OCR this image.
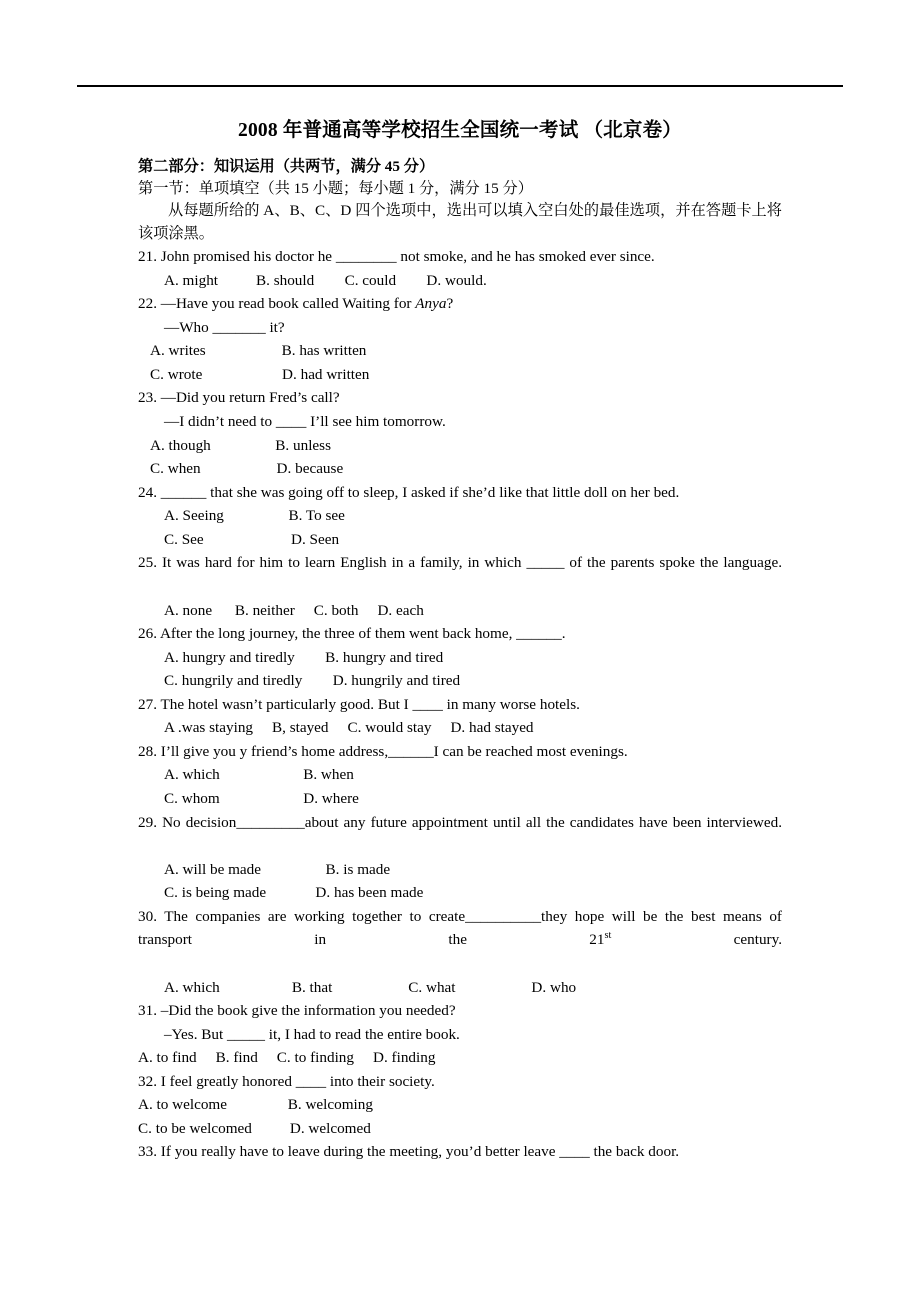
2008 年普通高等学校招生全国统一考试 （北京卷）
第二部分：知识运用（共两节，满分 45 分）
第一节：单项填空（共 15 小题；每小题 1 分，满分 15 分）
从每题所给的 A、B、C、D 四个选项中，选出可以填入空白处的最佳选项，并在答题卡上将该项涂黑。
21. John promised his doctor he ________ not smoke, and he has smoked ever since.
A. might          B. should        C. could        D. would.
22. —Have you read book called Waiting for Anya?
—Who _______ it?
A. writes                    B. has written
C. wrote                     D. had written
23. —Did you return Fred’s call?
—I didn’t need to ____ I’ll see him tomorrow.
A. though                 B. unless
C. when                    D. because
24. ______ that she was going off to sleep, I asked if she’d like that little doll on her bed.
A. Seeing                 B. To see
C. See                       D. Seen
25. It was hard for him to learn English in a family, in which _____ of the parents spoke the language.
A. none      B. neither     C. both     D. each
26. After the long journey, the three of them went back home, ______.
A. hungry and tiredly        B. hungry and tired
C. hungrily and tiredly        D. hungrily and tired
27. The hotel wasn’t particularly good. But I ____ in many worse hotels.
A .was staying     B, stayed     C. would stay     D. had stayed
28. I’ll give you y friend’s home address,______I can be reached most evenings.
A. which                      B. when
C. whom                      D. where
29. No decision_________about any future appointment until all the candidates have been interviewed.
A. will be made                 B. is made
C. is being made             D. has been made
30. The companies are working together to create__________they hope will be the best means of transport in the 21st century.
A. which                   B. that                    C. what                    D. who
31. –Did the book give the information you needed?
–Yes. But _____ it, I had to read the entire book.
A. to find     B. find     C. to finding     D. finding
32. I feel greatly honored ____ into their society.
A. to welcome                B. welcoming
C. to be welcomed          D. welcomed
33. If you really have to leave during the meeting, you’d better leave ____ the back door.
